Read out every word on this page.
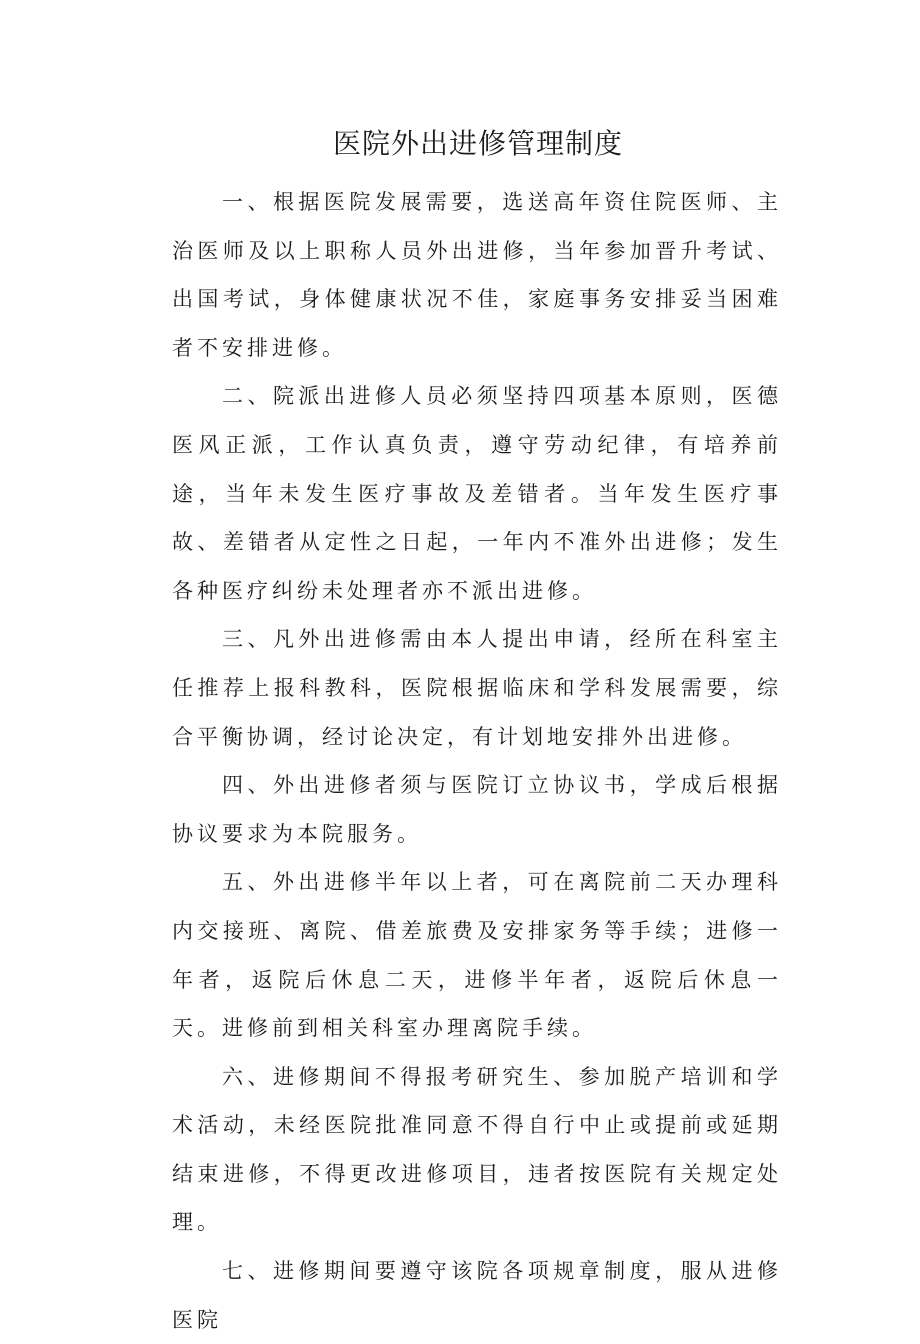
医院外出进修管理制度

一、根据医院发展需要，选送高年资住院医师、主治医师及以上职称人员外出进修，当年参加晋升考试、出国考试，身体健康状况不佳，家庭事务安排妥当困难者不安排进修。

二、院派出进修人员必须坚持四项基本原则，医德医风正派，工作认真负责，遵守劳动纪律，有培养前途，当年未发生医疗事故及差错者。当年发生医疗事故、差错者从定性之日起，一年内不准外出进修；发生各种医疗纠纷未处理者亦不派出进修。

三、凡外出进修需由本人提出申请，经所在科室主任推荐上报科教科，医院根据临床和学科发展需要，综合平衡协调，经讨论决定，有计划地安排外出进修。

四、外出进修者须与医院订立协议书，学成后根据协议要求为本院服务。

五、外出进修半年以上者，可在离院前二天办理科内交接班、离院、借差旅费及安排家务等手续；进修一年者，返院后休息二天，进修半年者，返院后休息一天。进修前到相关科室办理离院手续。

六、进修期间不得报考研究生、参加脱产培训和学术活动，未经医院批准同意不得自行中止或提前或延期结束进修，不得更改进修项目，违者按医院有关规定处理。

七、进修期间要遵守该院各项规章制度，服从进修医院
